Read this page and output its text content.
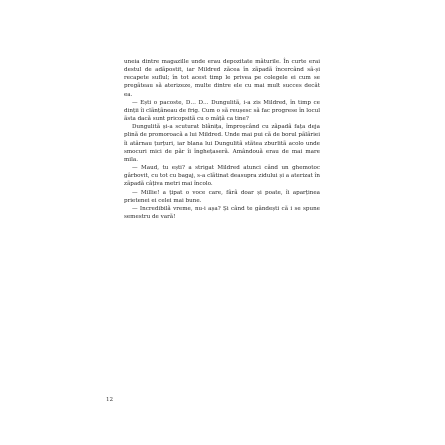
uneia dintre magazille unde erau depozitate mãturile. În curte erai destul de adãpostit, iar Mildred zãcea în zãpadã încercând sã-și recapete suflul; în tot acest timp le privea pe colegele ei cum se pregãteau sã aterizeze, multe dintre ele cu mai mult succes decât ea.

— Ești o pacoste, D… D… Dungulitã, i-a zis Mildred, în timp ce dinții îi clãnțãneau de frig. Cum o sã reușesc sã fac progrese în locul ãsta dacã sunt pricopsitã cu o mâțã ca tine?

Dungulitã și-a scuturat blãnița, împroșcând cu zãpadã fața deja plinã de promoroacã a lui Mildred. Unde mai pui cã de borul pãlãriei îi atârnau țurțuri, iar blana lui Dungulitã stãtea zburlitã acolo unde smocuri mici de pãr îi înghețaserã. Amândouã erau de mai mare mila.

— Maud, tu ești? a strigat Mildred atunci când un ghemotoc gârbovit, cu tot cu bagaj, s-a clãtinat deasupra zidului și a aterizat în zãpadã câțiva metri mai încolo.

— Millie! a țipat o voce care, fãrã doar și poate, îi aparținea prietenei ei celei mai bune.

— Incredibilã vreme, nu-i așa? Și când te gândești cã i se spune semestru de varã!

12
